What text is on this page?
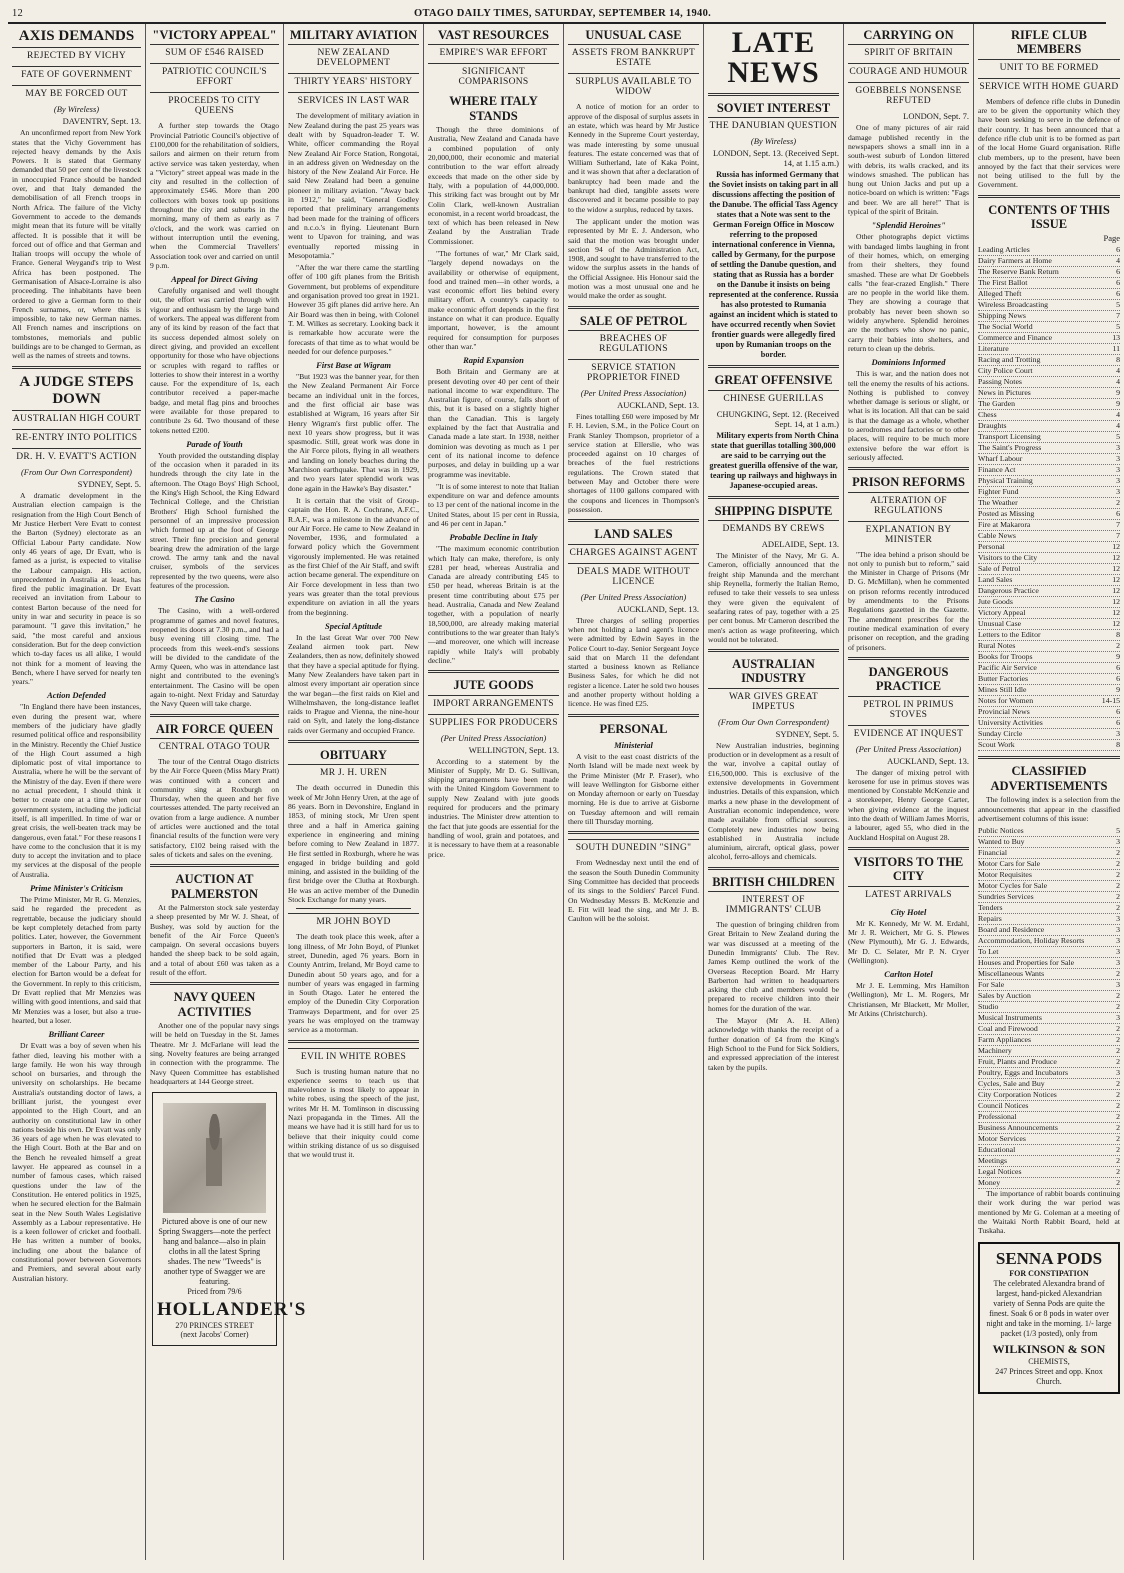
12	OTAGO DAILY TIMES, SATURDAY, SEPTEMBER 14, 1940.
AXIS DEMANDS
REJECTED BY VICHY
FATE OF GOVERNMENT
MAY BE FORCED OUT
(By Wireless)
DAVENTRY, Sept. 13.

An unconfirmed report from New York states that the Vichy Government has rejected heavy demands by the Axis Powers. It is stated that Germany demanded that 50 per cent of the livestock in unoccupied France should be handed over, and that Italy demanded the demobilisation of all French troops in North Africa. The failure of the Vichy Government to accede to the demands might mean that its future will be vitally affected. It is possible that it will be forced out of office and that German and Italian troops will occupy the whole of France. General Weygand's trip to West Africa has been postponed. The Germanisation of Alsace-Lorraine is also proceeding. The inhabitants have been ordered to give a German form to their French surnames, or, where this is impossible, to take new German names. All French names and inscriptions on tombstones, memorials and public buildings are to be changed to German, as well as the names of streets and towns.

A JUDGE STEPS DOWN
AUSTRALIAN HIGH COURT
RE-ENTRY INTO POLITICS
DR. H. V. EVATT'S ACTION
(From Our Own Correspondent)
SYDNEY, Sept. 5.

A dramatic development in the Australian election campaign is the resignation from the High Court Bench of Mr Justice Herbert Vere Evatt to contest the Barton (Sydney) electorate as an Official Labour Party candidate. Now only 46 years of age, Dr Evatt, who is famed as a jurist, is expected to vitalise the Labour campaign. His action, unprecedented in Australia at least, has fired the public imagination. Dr Evatt received an invitation from Labour to contest Barton because of the need for unity in war and security in peace is so paramount. "I gave this invitation," he said, "the most careful and anxious consideration. But for the deep conviction which to-day faces us all alike, I would not think for a moment of leaving the Bench, where I have served for nearly ten years."

Action Defended

"In England there have been instances, even during the present war, where members of the judiciary have gladly resumed political office and responsibility in the Ministry. Recently the Chief Justice of the High Court assumed a high diplomatic post of vital importance to Australia, where he will be the servant of the Ministry of the day. Even if there were no actual precedent, I should think it better to create one at a time when our government system, including the judicial itself, is all imperilled. In time of war or great crisis, the well-beaten track may be dangerous, even fatal." For these reasons I have come to the conclusion that it is my duty to accept the invitation and to place my services at the disposal of the people of Australia.

Prime Minister's Criticism

The Prime Minister, Mr R. G. Menzies, said he regarded the precedent as regrettable, because the judiciary should be kept completely detached from party politics. Later, however, the Government supporters in Barton, it is said, were notified that Dr Evatt was a pledged member of the Labour Party, and his election for Barton would be a defeat for the Government. In reply to this criticism, Dr Evatt replied that Mr Menzies was willing with good intentions, and said that Mr Menzies was a loser, but also a true-hearted, but a loser.

Brilliant Career

Dr Evatt was a boy of seven when his father died, leaving his mother with a large family. He won his way through school on bursaries, and through the university on scholarships. He became Australia's outstanding doctor of laws, a brilliant jurist, the youngest ever appointed to the High Court, and an authority on constitutional law in other nations beside his own. Dr Evatt was only 36 years of age when he was elevated to the High Court. Both at the Bar and on the Bench he revealed himself a great lawyer. He appeared as counsel in a number of famous cases, which raised questions under the law of the Constitution. He entered politics in 1925, when he secured election for the Balmain seat in the New South Wales Legislative Assembly as a Labour representative. He is a keen follower of cricket and football. He has written a number of books, including one about the balance of constitutional power between Governors and Premiers, and several about early Australian history.

"VICTORY APPEAL"
SUM OF £546 RAISED
PATRIOTIC COUNCIL'S EFFORT
PROCEEDS TO CITY QUEENS

A further step towards the Otago Provincial Patriotic Council's objective of £100,000 for the rehabilitation of soldiers, sailors and airmen on their return from active service was taken yesterday, when a "Victory" street appeal was made in the city and resulted in the collection of approximately £546. More than 200 collectors with boxes took up positions throughout the city and suburbs in the morning, many of them as early as 7 o'clock, and the work was carried on without interruption until the evening, when the Commercial Travellers' Association took over and carried on until 9 p.m.

Appeal for Direct Giving

Carefully organised and well thought out, the effort was carried through with vigour and enthusiasm by the large band of workers. The appeal was different from any of its kind by reason of the fact that its success depended almost solely on direct giving, and provided an excellent opportunity for those who have objections or scruples with regard to raffles or lotteries to show their interest in a worthy cause. For the expenditure of 1s, each contributor received a paper-mache badge, and metal flag pins and brooches were available for those prepared to contribute 2s 6d. Two thousand of these tokens netted £200.

Parade of Youth

Youth provided the outstanding display of the occasion when it paraded in its hundreds through the city late in the afternoon. The Otago Boys' High School, the King's High School, the King Edward Technical College, and the Christian Brothers' High School furnished the personnel of an impressive procession which formed up at the foot of George street. Their fine precision and general bearing drew the admiration of the large crowd. The army tank and the naval cruiser, symbols of the services represented by the two queens, were also features of the procession.

The Casino

The Casino, with a well-ordered programme of games and novel features, reopened its doors at 7.30 p.m., and had a busy evening till closing time. The proceeds from this week-end's sessions will be divided to the candidate of the Army Queen, who was in attendance last night and contributed to the evening's entertainment. The Casino will be open again to-night. Next Friday and Saturday the Navy Queen will take charge.

AIR FORCE QUEEN
CENTRAL OTAGO TOUR

The tour of the Central Otago districts by the Air Force Queen (Miss Mary Pratt) was continued with a concert and community sing at Roxburgh on Thursday, when the queen and her five courtesses attended. The party received an ovation from a large audience. A number of articles were auctioned and the total financial results of the function were very satisfactory, £102 being raised with the sales of tickets and sales on the evening.

AUCTION AT PALMERSTON

At the Palmerston stock sale yesterday a sheep presented by Mr W. J. Sheat, of Bushey, was sold by auction for the benefit of the Air Force Queen's campaign. On several occasions buyers handed the sheep back to be sold again, and a total of about £60 was taken as a result of the effort.

NAVY QUEEN ACTIVITIES

Another one of the popular navy sings will be held on Tuesday in the St. James Theatre. Mr J. McFarlane will lead the sing. Novelty features are being arranged in connection with the programme. The Navy Queen Committee has established headquarters at 144 George street.

Pictured above is one of our new Spring Swaggers—note the perfect hang and balance—also in plain cloths in all the latest Spring shades. The new "Tweeds" is another type of Swagger we are featuring.
Priced from 79/6
HOLLANDER'S
270 PRINCES STREET
(next Jacobs' Corner)
MILITARY AVIATION
NEW ZEALAND DEVELOPMENT
THIRTY YEARS' HISTORY
SERVICES IN LAST WAR

The development of military aviation in New Zealand during the past 25 years was dealt with by Squadron-leader T. W. White, officer commanding the Royal New Zealand Air Force Station, Rongotai, in an address given on Wednesday on the history of the New Zealand Air Force. He said New Zealand had been a genuine pioneer in military aviation. "Away back in 1912," he said, "General Godley reported that preliminary arrangements had been made for the training of officers and n.c.o.'s in flying. Lieutenant Burn went to Upavon for training, and was eventually reported missing in Mesopotamia."

"After the war there came the startling offer of 100 gift planes from the British Government, but problems of expenditure and organisation proved too great in 1921. However 35 gift planes did arrive here. An Air Board was then in being, with Colonel T. M. Wilkes as secretary. Looking back it is remarkable how accurate were the forecasts of that time as to what would be needed for our defence purposes."

First Base at Wigram

"But 1923 was the banner year, for then the New Zealand Permanent Air Force became an individual unit in the forces, and the first official air base was established at Wigram, 16 years after Sir Henry Wigram's first public offer. The next 10 years show progress, but it was spasmodic. Still, great work was done in the Air Force pilots, flying in all weathers and landing on lonely beaches during the Marchison earthquake. That was in 1929, and two years later splendid work was done again in the Hawke's Bay disaster."

It is certain that the visit of Group-captain the Hon. R. A. Cochrane, A.F.C., R.A.F., was a milestone in the advance of our Air Force. He came to New Zealand in November, 1936, and formulated a forward policy which the Government vigorously implemented. He was retained as the first Chief of the Air Staff, and swift action became general. The expenditure on Air Force development in less than two years was greater than the total previous expenditure on aviation in all the years from the beginning.

Special Aptitude

In the last Great War over 700 New Zealand airmen took part. New Zealanders, then as now, definitely showed that they have a special aptitude for flying. Many New Zealanders have taken part in almost every important air operation since the war began—the first raids on Kiel and Wilhelmshaven, the long-distance leaflet raids to Prague and Vienna, the nine-hour raid on Sylt, and lately the long-distance raids over Germany and occupied France.

OBITUARY
MR J. H. UREN

The death occurred in Dunedin this week of Mr John Henry Uren, at the age of 86 years. Born in Devonshire, England in 1853, of mining stock, Mr Uren spent three and a half in America gaining experience in engineering and mining before coming to New Zealand in 1877. He first settled in Roxburgh, where he was engaged in bridge building and gold mining, and assisted in the building of the first bridge over the Clutha at Roxburgh. He was an active member of the Dunedin Stock Exchange for many years.

MR JOHN BOYD

The death took place this week, after a long illness, of Mr John Boyd, of Plunket street, Dunedin, aged 76 years. Born in County Antrim, Ireland, Mr Boyd came to Dunedin about 50 years ago, and for a number of years was engaged in farming in South Otago. Later he entered the employ of the Dunedin City Corporation Tramways Department, and for over 25 years he was employed on the tramway service as a motorman.

EVIL IN WHITE ROBES

Such is trusting human nature that no experience seems to teach us that malevolence is most likely to appear in white robes, using the speech of the just, writes Mr H. M. Tomlinson in discussing Nazi propaganda in the Times. All the means we have had it is still hard for us to believe that their iniquity could come within striking distance of us so disguised that we would trust it.

VAST RESOURCES
EMPIRE'S WAR EFFORT
SIGNIFICANT COMPARISONS
WHERE ITALY STANDS

Though the three dominions of Australia, New Zealand and Canada have a combined population of only 20,000,000, their economic and material contribution to the war effort already exceeds that made on the other side by Italy, with a population of 44,000,000. This striking fact was brought out by Mr Colin Clark, well-known Australian economist, in a recent world broadcast, the text of which has been released in New Zealand by the Australian Trade Commissioner.

"The fortunes of war," Mr Clark said, "largely depend nowadays on the availability or otherwise of equipment, food and trained men—in other words, a vast economic effort lies behind every military effort. A country's capacity to make economic effort depends in the first instance on what it can produce. Equally important, however, is the amount required for consumption for purposes other than war."

Rapid Expansion

Both Britain and Germany are at present devoting over 40 per cent of their national income to war expenditure. The Australian figure, of course, falls short of this, but it is based on a slightly higher than the Canadian. This is largely explained by the fact that Australia and Canada made a late start. In 1938, neither dominion was devoting as much as 1 per cent of its national income to defence purposes, and delay in building up a war programme was inevitable.

"It is of some interest to note that Italian expenditure on war and defence amounts to 13 per cent of the national income in the United States, about 15 per cent in Russia, and 46 per cent in Japan."

Probable Decline in Italy

"The maximum economic contribution which Italy can make, therefore, is only £281 per head, whereas Australia and Canada are already contributing £45 to £50 per head, whereas Britain is at the present time contributing about £75 per head. Australia, Canada and New Zealand together, with a population of nearly 18,500,000, are already making material contributions to the war greater than Italy's—and moreover, one which will increase rapidly while Italy's will probably decline."

JUTE GOODS
IMPORT ARRANGEMENTS
SUPPLIES FOR PRODUCERS
(Per United Press Association)
WELLINGTON, Sept. 13.

According to a statement by the Minister of Supply, Mr D. G. Sullivan, shipping arrangements have been made with the United Kingdom Government to supply New Zealand with jute goods required for producers and the primary industries. The Minister drew attention to the fact that jute goods are essential for the handling of wool, grain and potatoes, and it is necessary to have them at a reasonable price.

UNUSUAL CASE
ASSETS FROM BANKRUPT ESTATE
SURPLUS AVAILABLE TO WIDOW

A notice of motion for an order to approve of the disposal of surplus assets in an estate, which was heard by Mr Justice Kennedy in the Supreme Court yesterday, was made interesting by some unusual features. The estate concerned was that of William Sutherland, late of Kaka Point, and it was shown that after a declaration of bankruptcy had been made and the bankrupt had died, tangible assets were discovered and it became possible to pay to the widow a surplus, reduced by taxes.

The applicant under the motion was represented by Mr E. J. Anderson, who said that the motion was brought under section 94 of the Administration Act, 1908, and sought to have transferred to the widow the surplus assets in the hands of the Official Assignee. His Honour said the motion was a most unusual one and he would make the order as sought.

SALE OF PETROL
BREACHES OF REGULATIONS
SERVICE STATION PROPRIETOR FINED
(Per United Press Association)
AUCKLAND, Sept. 13.

Fines totalling £60 were imposed by Mr F. H. Levien, S.M., in the Police Court on Frank Stanley Thompson, proprietor of a service station at Ellerslie, who was proceeded against on 10 charges of breaches of the fuel restrictions regulations. The Crown stated that between May and October there were shortages of 1100 gallons compared with the coupons and licences in Thompson's possession.

LAND SALES
CHARGES AGAINST AGENT
DEALS MADE WITHOUT LICENCE
(Per United Press Association)
AUCKLAND, Sept. 13.

Three charges of selling properties when not holding a land agent's licence were admitted by Edwin Sayes in the Police Court to-day. Senior Sergeant Joyce said that on March 11 the defendant started a business known as Reliance Business Sales, for which he did not register a licence. Later he sold two houses and another property without holding a licence. He was fined £25.

PERSONAL
Ministerial

A visit to the east coast districts of the North Island will be made next week by the Prime Minister (Mr P. Fraser), who will leave Wellington for Gisborne either on Monday afternoon or early on Tuesday morning. He is due to arrive at Gisborne on Tuesday afternoon and will remain there till Thursday morning.

SOUTH DUNEDIN "SING"

From Wednesday next until the end of the season the South Dunedin Community Sing Committee has decided that proceeds of its sings to the Soldiers' Parcel Fund. On Wednesday Messrs B. McKenzie and E. Fitt will lead the sing, and Mr J. B. Caulton will be the soloist.

LATE NEWS
SOVIET INTEREST
THE DANUBIAN QUESTION
(By Wireless)
LONDON, Sept. 13. (Received Sept. 14, at 1.15 a.m.)

Russia has informed Germany that the Soviet insists on taking part in all discussions affecting the position of the Danube. The official Tass Agency states that a Note was sent to the German Foreign Office in Moscow referring to the proposed international conference in Vienna, called by Germany, for the purpose of settling the Danube question, and stating that as Russia has a border on the Danube it insists on being represented at the conference. Russia has also protested to Rumania against an incident which is stated to have occurred recently when Soviet frontier guards were allegedly fired upon by Rumanian troops on the border.

GREAT OFFENSIVE
CHINESE GUERILLAS
CHUNGKING, Sept. 12. (Received Sept. 14, at 1 a.m.)

Military experts from North China state that guerillas totalling 300,000 are said to be carrying out the greatest guerilla offensive of the war, tearing up railways and highways in Japanese-occupied areas.

SHIPPING DISPUTE
DEMANDS BY CREWS
ADELAIDE, Sept. 13.

The Minister of the Navy, Mr G. A. Cameron, officially announced that the freight ship Manunda and the merchant ship Reynella, formerly the Italian Remo, refused to take their vessels to sea unless they were given the equivalent of seafaring rates of pay, together with a 25 per cent bonus. Mr Cameron described the men's action as wage profiteering, which would not be tolerated.

AUSTRALIAN INDUSTRY
WAR GIVES GREAT IMPETUS
(From Our Own Correspondent)
SYDNEY, Sept. 5.

New Australian industries, beginning production or in development as a result of the war, involve a capital outlay of £16,500,000. This is exclusive of the extensive developments in Government industries. Details of this expansion, which marks a new phase in the development of Australian economic independence, were made available from official sources. Completely new industries now being established in Australia include aluminium, aircraft, optical glass, power alcohol, ferro-alloys and chemicals.

BRITISH CHILDREN
INTEREST OF IMMIGRANTS' CLUB

The question of bringing children from Great Britain to New Zealand during the war was discussed at a meeting of the Dunedin Immigrants' Club. The Rev. James Kemp outlined the work of the Overseas Reception Board. Mr Harry Barberton had written to headquarters asking the club and members would be prepared to receive children into their homes for the duration of the war.

The Mayor (Mr A. H. Allen) acknowledge with thanks the receipt of a further donation of £4 from the King's High School to the Fund for Sick Soldiers, and expressed appreciation of the interest taken by the pupils.

CARRYING ON
SPIRIT OF BRITAIN
COURAGE AND HUMOUR
GOEBBELS NONSENSE REFUTED
LONDON, Sept. 7.

One of many pictures of air raid damage published recently in the newspapers shows a small inn in a south-west suburb of London littered with debris, its walls cracked, and its windows smashed. The publican has hung out Union Jacks and put up a notice-board on which is written: "Fags and beer. We are all here!" That is typical of the spirit of Britain.

"Splendid Heroines"

Other photographs depict victims with bandaged limbs laughing in front of their homes, which, on emerging from their shelters, they found smashed. These are what Dr Goebbels calls "the fear-crazed English." There are no people in the world like them. They are showing a courage that probably has never been shown so widely anywhere. Splendid heroines are the mothers who show no panic, carry their babies into shelters, and return to clean up the debris.

Dominions Informed

This is war, and the nation does not tell the enemy the results of his actions. Nothing is published to convey whether damage is serious or slight, or what is its location. All that can be said is that the damage as a whole, whether to aerodromes and factories or to other places, will require to be much more extensive before the war effort is seriously affected.

PRISON REFORMS
ALTERATION OF REGULATIONS
EXPLANATION BY MINISTER

"The idea behind a prison should be not only to punish but to reform," said the Minister in Charge of Prisons (Mr D. G. McMillan), when he commented on prison reforms recently introduced by amendments to the Prisons Regulations gazetted in the Gazette. The amendment prescribes for the routine medical examination of every prisoner on reception, and the grading of prisoners.

DANGEROUS PRACTICE
PETROL IN PRIMUS STOVES
EVIDENCE AT INQUEST
(Per United Press Association)
AUCKLAND, Sept. 13.

The danger of mixing petrol with kerosene for use in primus stoves was mentioned by Constable McKenzie and a storekeeper, Henry George Carter, when giving evidence at the inquest into the death of William James Morris, a labourer, aged 55, who died in the Auckland Hospital on August 28.

VISITORS TO THE CITY
LATEST ARRIVALS
City Hotel

Mr K. Kennedy, Mr W. M. Erdahl, Mr J. R. Weichert, Mr G. S. Plewes (New Plymouth), Mr G. J. Edwards, Mr D. C. Selater, Mr P. N. Cryer (Wellington).

Carlton Hotel

Mr J. E. Lemming, Mrs Hamilton (Wellington), Mr L. M. Rogers, Mr Christiansen, Mr Blackett, Mr Moller, Mr Atkins (Christchurch).

RIFLE CLUB MEMBERS
UNIT TO BE FORMED
SERVICE WITH HOME GUARD

Members of defence rifle clubs in Dunedin are to be given the opportunity which they have been seeking to serve in the defence of their country. It has been announced that a defence rifle club unit is to be formed as part of the local Home Guard organisation. Rifle club members, up to the present, have been annoyed by the fact that their services were not being utilised to the full by the Government.

CONTENTS OF THIS ISSUE
Page
Leading Articles	6
Dairy Farmers at Home	4
The Reserve Bank Return	6
The First Ballot	6
Alleged Theft	6
Wireless Broadcasting	5
Shipping News	7
The Social World	5
Commerce and Finance	13
Literature	11
Racing and Trotting	8
City Police Court	4
Passing Notes	4
News in Pictures	9
The Garden	9
Chess	4
Draughts	4
Transport Licensing	5
The Saint's Progress	3
Wharf Labour	3
Finance Act	3
Physical Training	3
Fighter Fund	3
The Weather	2
Posted as Missing	6
Fire at Makarora	7
Cable News	7
Personal	12
Visitors to the City	12
Sale of Petrol	12
Land Sales	12
Dangerous Practice	12
Jute Goods	12
Victory Appeal	12
Unusual Case	12
Letters to the Editor	8
Rural Notes	2
Books for Troops	9
Pacific Air Service	6
Butter Factories	6
Mines Still Idle	9
Notes for Women	14-15
Provincial News	6
University Activities	6
Sunday Circle	3
Scout Work	8
CLASSIFIED ADVERTISEMENTS

The following index is a selection from the announcements that appear in the classified advertisement columns of this issue:

Public Notices	5
Wanted to Buy	3
Financial	2
Motor Cars for Sale	2
Motor Requisites	2
Motor Cycles for Sale	2
Sundries Services	2
Tenders	2
Repairs	3
Board and Residence	3
Accommodation, Holiday Resorts	3
To Let	3
Houses and Properties for Sale	3
Miscellaneous Wants	2
For Sale	3
Sales by Auction	2
Studio	2
Musical Instruments	3
Coal and Firewood	2
Farm Appliances	2
Machinery	2
Fruit, Plants and Produce	2
Poultry, Eggs and Incubators	3
Cycles, Sale and Buy	2
City Corporation Notices	2
Council Notices	2
Professional	2
Business Announcements	2
Motor Services	2
Educational	2
Meetings	2
Legal Notices	2
Money	2

The importance of rabbit boards continuing their work during the war period was mentioned by Mr G. Coleman at a meeting of the Waitaki North Rabbit Board, held at Tuskaha.

SENNA PODS
FOR CONSTIPATION
The celebrated Alexandra brand of largest, hand-picked Alexandrian variety of Senna Pods are quite the finest. Soak 6 or 8 pods in water over night and take in the morning. 1/- large packet (1/3 posted), only from
WILKINSON & SON
CHEMISTS,
247 Princes Street and opp. Knox Church.
